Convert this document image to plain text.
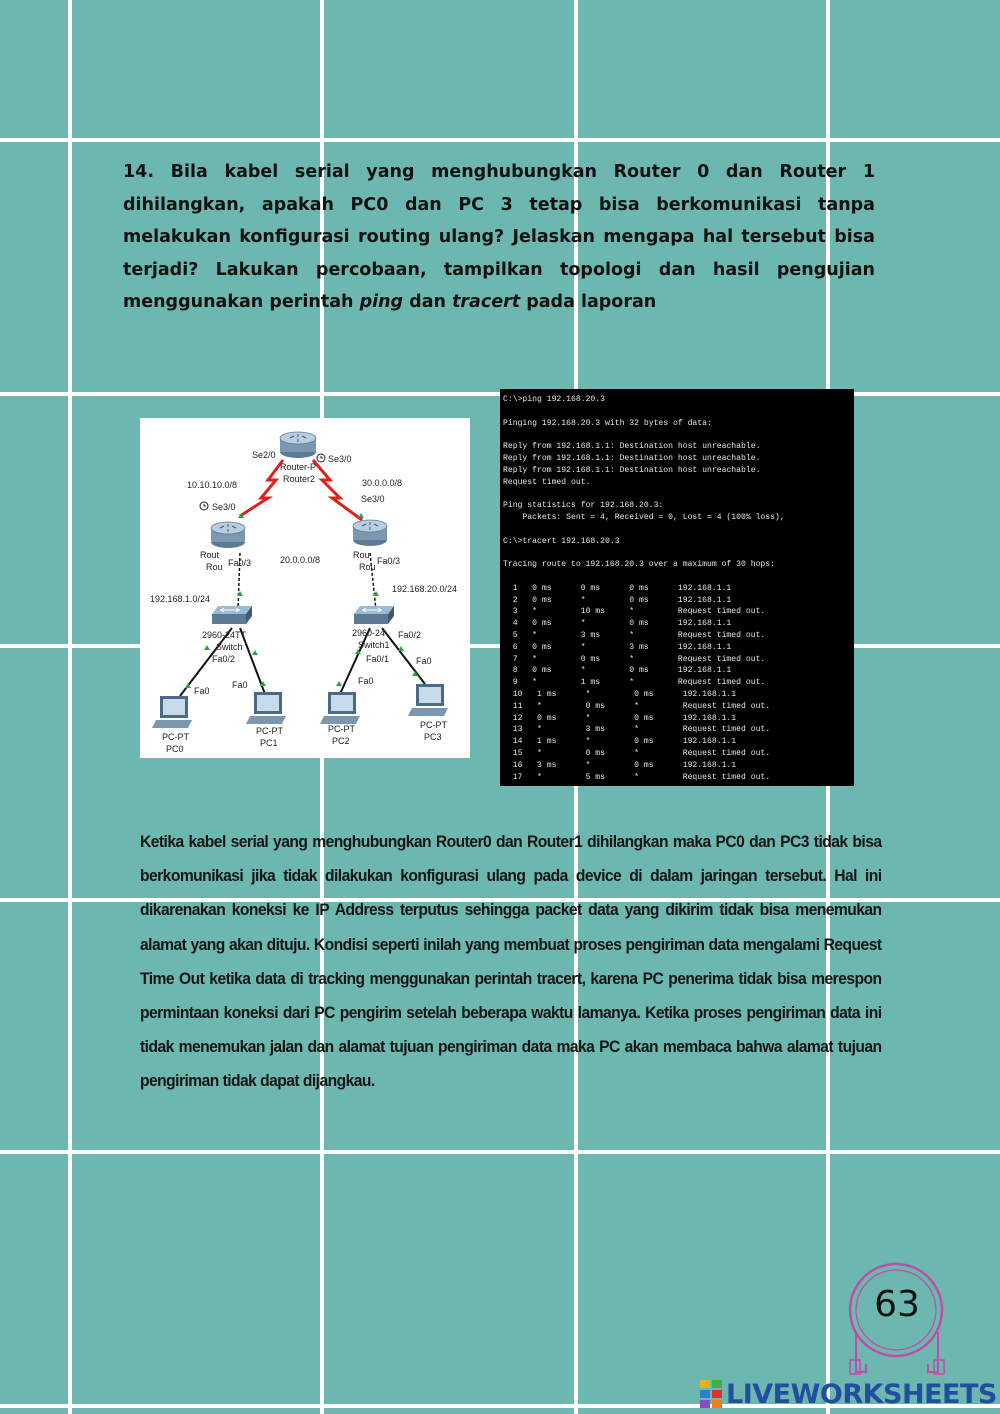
14. Bila kabel serial yang menghubungkan Router 0 dan Router 1 dihilangkan, apakah PC0 dan PC 3 tetap bisa berkomunikasi tanpa melakukan konfigurasi routing ulang? Jelaskan mengapa hal tersebut bisa terjadi? Lakukan percobaan, tampilkan topologi dan hasil pengujian menggunakan perintah ping dan tracert pada laporan
Se2/0	Se3/0
Router-P
Router2
10.10.10.0/8	30.0.0.0/8
Se3/0
Se3/0
Rout
Rou
Rou
Rou
Fa0/3	Fa0/3
20.0.0.0/8
192.168.1.0/24
192.168.20.0/24
2960-24TT
Switch
2960-24
Switch1
Fa0/2
Fa0/2
Fa0/1
Fa0
Fa0	Fa0
Fa0
PC-PT
PC0
PC-PT
PC1
PC-PT
PC2
PC-PT
PC3
C:\>ping 192.168.20.3

Pinging 192.168.20.3 with 32 bytes of data:

Reply from 192.168.1.1: Destination host unreachable.
Reply from 192.168.1.1: Destination host unreachable.
Reply from 192.168.1.1: Destination host unreachable.
Request timed out.

Ping statistics for 192.168.20.3:
Packets: Sent = 4, Received = 0, Lost = 4 (100% loss),

C:\>tracert 192.168.20.3

Tracing route to 192.168.20.3 over a maximum of 30 hops:

1   0 ms      0 ms      0 ms      192.168.1.1
2   0 ms      *         0 ms      192.168.1.1
3   *         10 ms     *         Request timed out.
4   0 ms      *         0 ms      192.168.1.1
5   *         3 ms      *         Request timed out.
6   0 ms      *         3 ms      192.168.1.1
7   *         0 ms      *         Request timed out.
8   0 ms      *         0 ms      192.168.1.1
9   *         1 ms      *         Request timed out.
10   1 ms      *         0 ms      192.168.1.1
11   *         0 ms      *         Request timed out.
12   0 ms      *         0 ms      192.168.1.1
13   *         3 ms      *         Request timed out.
14   1 ms      *         0 ms      192.168.1.1
15   *         0 ms      *         Request timed out.
16   3 ms      *         0 ms      192.168.1.1
17   *         5 ms      *         Request timed out.

Ketika kabel serial yang menghubungkan Router0 dan Router1 dihilangkan maka PC0 dan PC3 tidak bisa berkomunikasi jika tidak dilakukan konfigurasi ulang pada device di dalam jaringan tersebut. Hal ini dikarenakan koneksi ke IP Address terputus sehingga packet data yang dikirim tidak bisa menemukan alamat yang akan dituju. Kondisi seperti inilah yang membuat proses pengiriman data mengalami Request Time Out ketika data di tracking menggunakan perintah tracert, karena PC penerima tidak bisa merespon permintaan koneksi dari PC pengirim setelah beberapa waktu lamanya. Ketika proses pengiriman data ini tidak menemukan jalan dan alamat tujuan pengiriman data maka PC akan membaca bahwa alamat tujuan pengiriman tidak dapat dijangkau.

63
LIVEWORKSHEETS
